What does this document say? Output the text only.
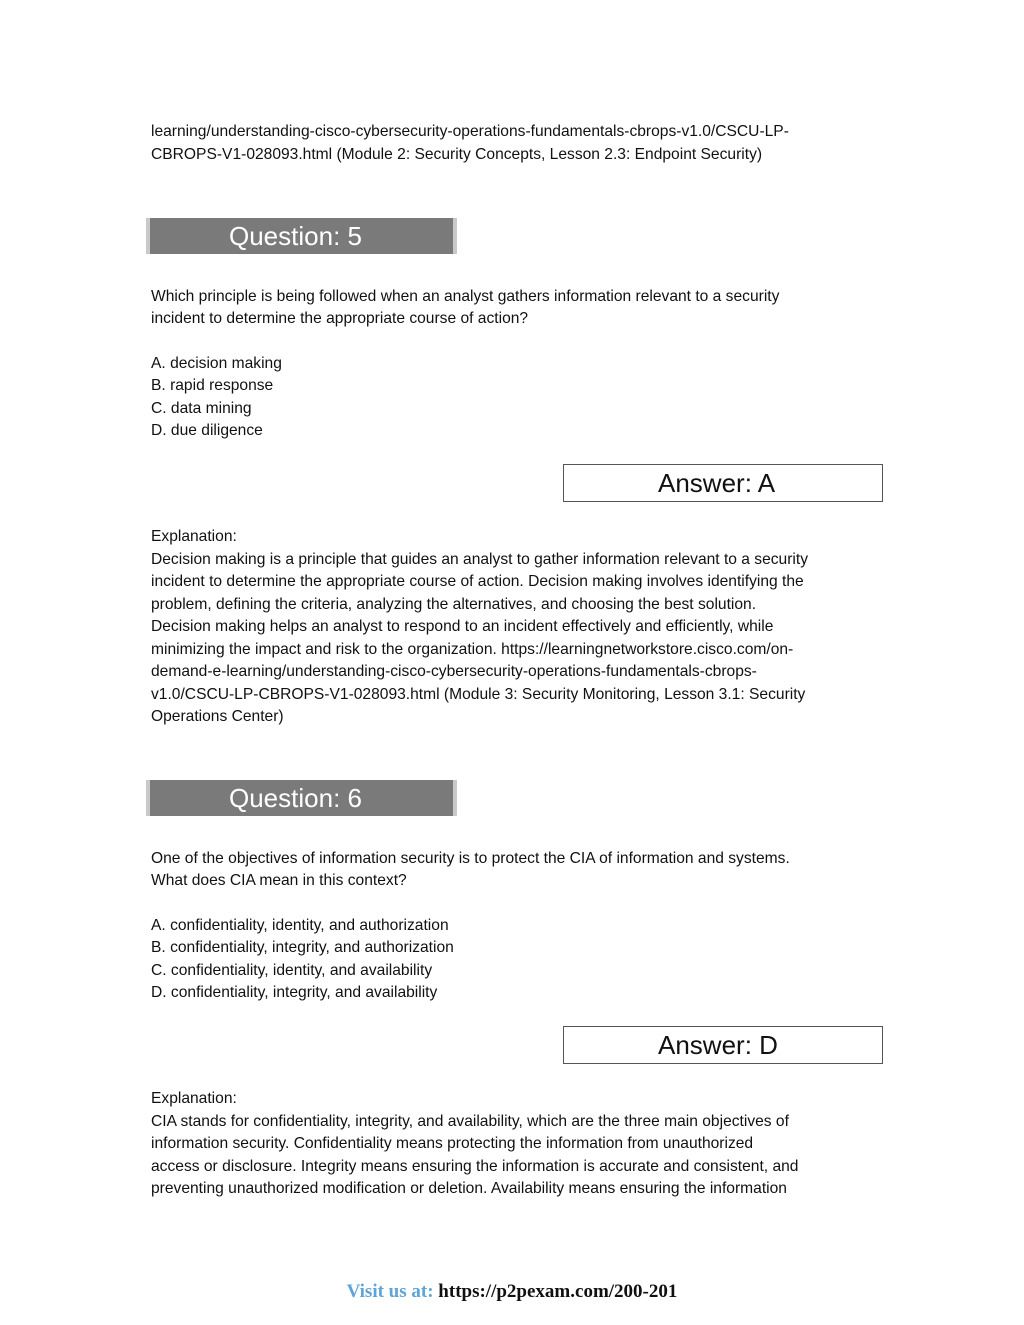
learning/understanding-cisco-cybersecurity-operations-fundamentals-cbrops-v1.0/CSCU-LP-

CBROPS-V1-028093.html (Module 2: Security Concepts, Lesson 2.3: Endpoint Security)

Question: 5

Which principle is being followed when an analyst gathers information relevant to a security

incident to determine the appropriate course of action?

A. decision making

B. rapid response

C. data mining

D. due diligence

Answer: A

Explanation:

Decision making is a principle that guides an analyst to gather information relevant to a security

incident to determine the appropriate course of action. Decision making involves identifying the

problem, defining the criteria, analyzing the alternatives, and choosing the best solution.

Decision making helps an analyst to respond to an incident effectively and efficiently, while

minimizing the impact and risk to the organization. https://learningnetworkstore.cisco.com/on-

demand-e-learning/understanding-cisco-cybersecurity-operations-fundamentals-cbrops-

v1.0/CSCU-LP-CBROPS-V1-028093.html (Module 3: Security Monitoring, Lesson 3.1: Security

Operations Center)

Question: 6

One of the objectives of information security is to protect the CIA of information and systems.

What does CIA mean in this context?

A. confidentiality, identity, and authorization

B. confidentiality, integrity, and authorization

C. confidentiality, identity, and availability

D. confidentiality, integrity, and availability

Answer: D

Explanation:

CIA stands for confidentiality, integrity, and availability, which are the three main objectives of

information security. Confidentiality means protecting the information from unauthorized

access or disclosure. Integrity means ensuring the information is accurate and consistent, and

preventing unauthorized modification or deletion. Availability means ensuring the information

Visit us at: https://p2pexam.com/200-201
